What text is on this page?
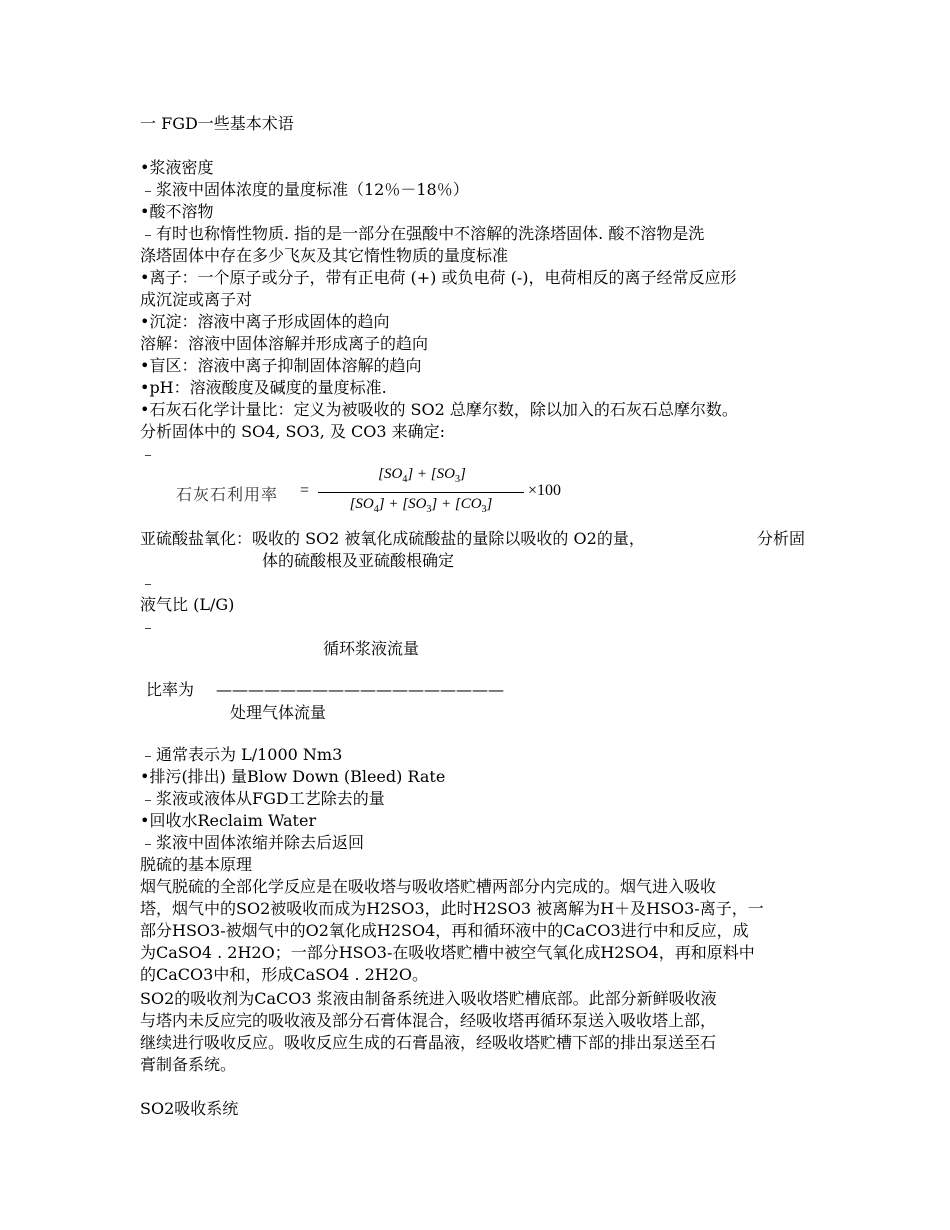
一 FGD一些基本术语
•浆液密度
﹣浆液中固体浓度的量度标准（12％－18％）
•酸不溶物
﹣有时也称惰性物质. 指的是一部分在强酸中不溶解的洗涤塔固体. 酸不溶物是洗
涤塔固体中存在多少飞灰及其它惰性物质的量度标准
•离子：一个原子或分子，带有正电荷 (+) 或负电荷 (-)，电荷相反的离子经常反应形
成沉淀或离子对
•沉淀：溶液中离子形成固体的趋向
溶解：溶液中固体溶解并形成离子的趋向
•盲区：溶液中离子抑制固体溶解的趋向
•pH：溶液酸度及碱度的量度标准.
•石灰石化学计量比：定义为被吸收的 SO2 总摩尔数，除以加入的石灰石总摩尔数。
分析固体中的 SO4, SO3, 及 CO3 来确定:
﹣
石灰石利用率 =
$[SO_4] + [SO_3]$
$[SO_4] + [SO_3] + [CO_3]$
×100
亚硫酸盐氧化：吸收的 SO2 被氧化成硫酸盐的量除以吸收的 O2的量，	分析固
体的硫酸根及亚硫酸根确定
﹣
液气比 (L/G)
﹣
循环浆液流量
比率为 ——————————————————
处理气体流量
﹣通常表示为 L/1000 Nm3
•排污(排出) 量Blow Down (Bleed) Rate
﹣浆液或液体从FGD工艺除去的量
•回收水Reclaim Water
﹣浆液中固体浓缩并除去后返回
脱硫的基本原理
烟气脱硫的全部化学反应是在吸收塔与吸收塔贮槽两部分内完成的。烟气进入吸收
塔，烟气中的SO2被吸收而成为H2SO3，此时H2SO3 被离解为H＋及HSO3-离子，一
部分HSO3-被烟气中的O2氧化成H2SO4，再和循环液中的CaCO3进行中和反应，成
为CaSO4 . 2H2O；一部分HSO3-在吸收塔贮槽中被空气氧化成H2SO4，再和原料中
的CaCO3中和，形成CaSO4 . 2H2O。
SO2的吸收剂为CaCO3 浆液由制备系统进入吸收塔贮槽底部。此部分新鲜吸收液
与塔内未反应完的吸收液及部分石膏体混合，经吸收塔再循环泵送入吸收塔上部，
继续进行吸收反应。吸收反应生成的石膏晶液，经吸收塔贮槽下部的排出泵送至石
膏制备系统。
SO2吸收系统
